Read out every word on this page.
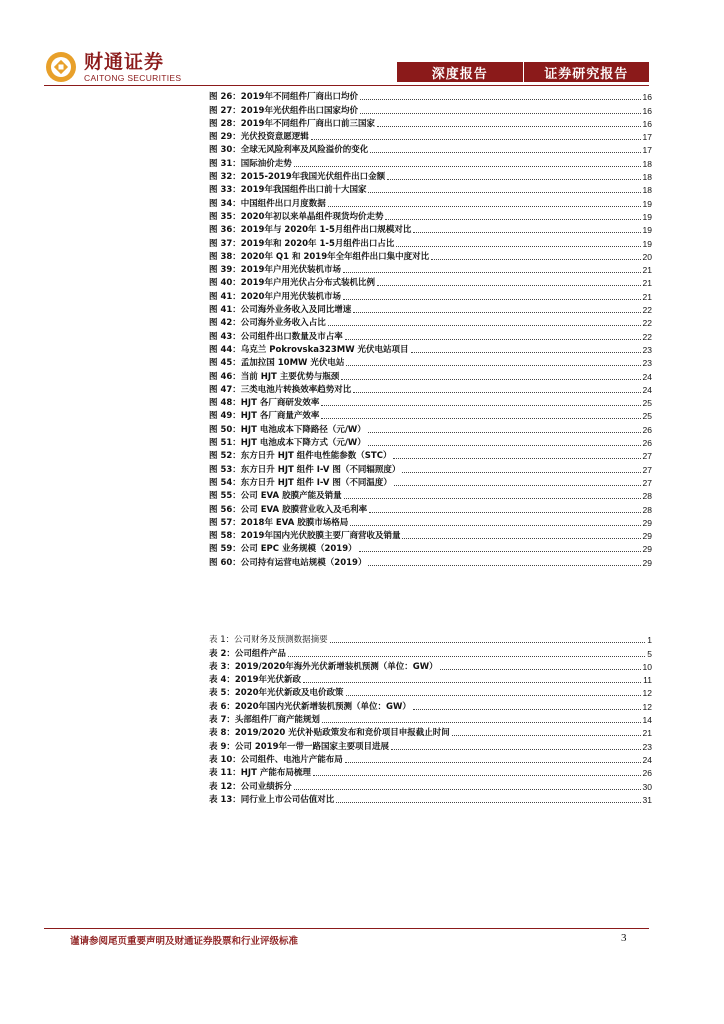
财通证券
CAITONG SECURITIES	深度报告	证券研究报告
图 26：2019年不同组件厂商出口均价	16
图 27：2019年光伏组件出口国家均价	16
图 28：2019年不同组件厂商出口前三国家	16
图 29：光伏投资意愿逻辑	17
图 30：全球无风险利率及风险溢价的变化	17
图 31：国际油价走势	18
图 32：2015-2019年我国光伏组件出口金额	18
图 33：2019年我国组件出口前十大国家	18
图 34：中国组件出口月度数据	19
图 35：2020年初以来单晶组件现货均价走势	19
图 36：2019年与 2020年 1-5月组件出口规模对比	19
图 37：2019年和 2020年 1-5月组件出口占比	19
图 38：2020年 Q1 和 2019年全年组件出口集中度对比	20
图 39：2019年户用光伏装机市场	21
图 40：2019年户用光伏占分布式装机比例	21
图 41：2020年户用光伏装机市场	21
图 41：公司海外业务收入及同比增速	22
图 42：公司海外业务收入占比	22
图 43：公司组件出口数量及市占率	22
图 44：乌克兰 Pokrovska323MW 光伏电站项目	23
图 45：孟加拉国 10MW 光伏电站	23
图 46：当前 HJT 主要优势与瓶颈	24
图 47：三类电池片转换效率趋势对比	24
图 48：HJT 各厂商研发效率	25
图 49：HJT 各厂商量产效率	25
图 50：HJT 电池成本下降路径（元/W）	26
图 51：HJT 电池成本下降方式（元/W）	26
图 52：东方日升 HJT 组件电性能参数（STC）	27
图 53：东方日升 HJT 组件 I-V 图（不同辐照度）	27
图 54：东方日升 HJT 组件 I-V 图（不同温度）	27
图 55：公司 EVA 胶膜产能及销量	28
图 56：公司 EVA 胶膜营业收入及毛利率	28
图 57：2018年 EVA 胶膜市场格局	29
图 58：2019年国内光伏胶膜主要厂商营收及销量	29
图 59：公司 EPC 业务规模（2019）	29
图 60：公司持有运营电站规模（2019）	29
表 1：公司财务及预测数据摘要	1
表 2：公司组件产品	5
表 3：2019/2020年海外光伏新增装机预测（单位：GW）	10
表 4：2019年光伏新政	11
表 5：2020年光伏新政及电价政策	12
表 6：2020年国内光伏新增装机预测（单位：GW）	12
表 7：头部组件厂商产能规划	14
表 8：2019/2020 光伏补贴政策发布和竞价项目申报截止时间	21
表 9：公司 2019年一带一路国家主要项目进展	23
表 10：公司组件、电池片产能布局	24
表 11：HJT 产能布局梳理	26
表 12：公司业绩拆分	30
表 13：同行业上市公司估值对比	31
谨请参阅尾页重要声明及财通证券股票和行业评级标准	3
